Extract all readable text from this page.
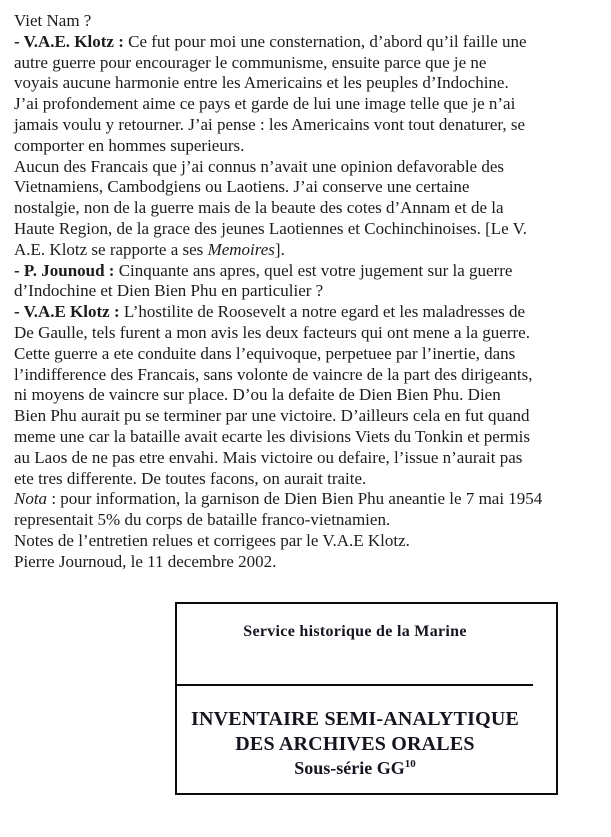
Viet Nam ?
- V.A.E. Klotz : Ce fut pour moi une consternation, d’abord qu’il faille une
autre guerre pour encourager le communisme, ensuite parce que je ne
voyais aucune harmonie entre les Americains et les peuples d’Indochine.
J’ai profondement aime ce pays et garde de lui une image telle que je n’ai
jamais voulu y retourner. J’ai pense : les Americains vont tout denaturer, se
comporter en hommes superieurs.
Aucun des Francais que j’ai connus n’avait une opinion defavorable des
Vietnamiens, Cambodgiens ou Laotiens. J’ai conserve une certaine
nostalgie, non de la guerre mais de la beaute des cotes d’Annam et de la
Haute Region, de la grace des jeunes Laotiennes et Cochinchinoises. [Le V.
A.E. Klotz se rapporte a ses Memoires].
- P. Jounoud : Cinquante ans apres, quel est votre jugement sur la guerre
d’Indochine et Dien Bien Phu en particulier ?
- V.A.E Klotz : L’hostilite de Roosevelt a notre egard et les maladresses de
De Gaulle, tels furent a mon avis les deux facteurs qui ont mene a la guerre.
Cette guerre a ete conduite dans l’equivoque, perpetuee par l’inertie, dans
l’indifference des Francais, sans volonte de vaincre de la part des dirigeants,
ni moyens de vaincre sur place. D’ou la defaite de Dien Bien Phu. Dien
Bien Phu aurait pu se terminer par une victoire. D’ailleurs cela en fut quand
meme une car la bataille avait ecarte les divisions Viets du Tonkin et permis
au Laos de ne pas etre envahi. Mais victoire ou defaire, l’issue n’aurait pas
ete tres differente. De toutes facons, on aurait traite.
Nota : pour information, la garnison de Dien Bien Phu aneantie le 7 mai 1954
representait 5% du corps de bataille franco-vietnamien.
Notes de l’entretien relues et corrigees par le V.A.E Klotz.
Pierre Journoud, le 11 decembre 2002.
Service historique de la Marine
INVENTAIRE SEMI-ANALYTIQUE
DES ARCHIVES ORALES
Sous-série GG$^{10}$
